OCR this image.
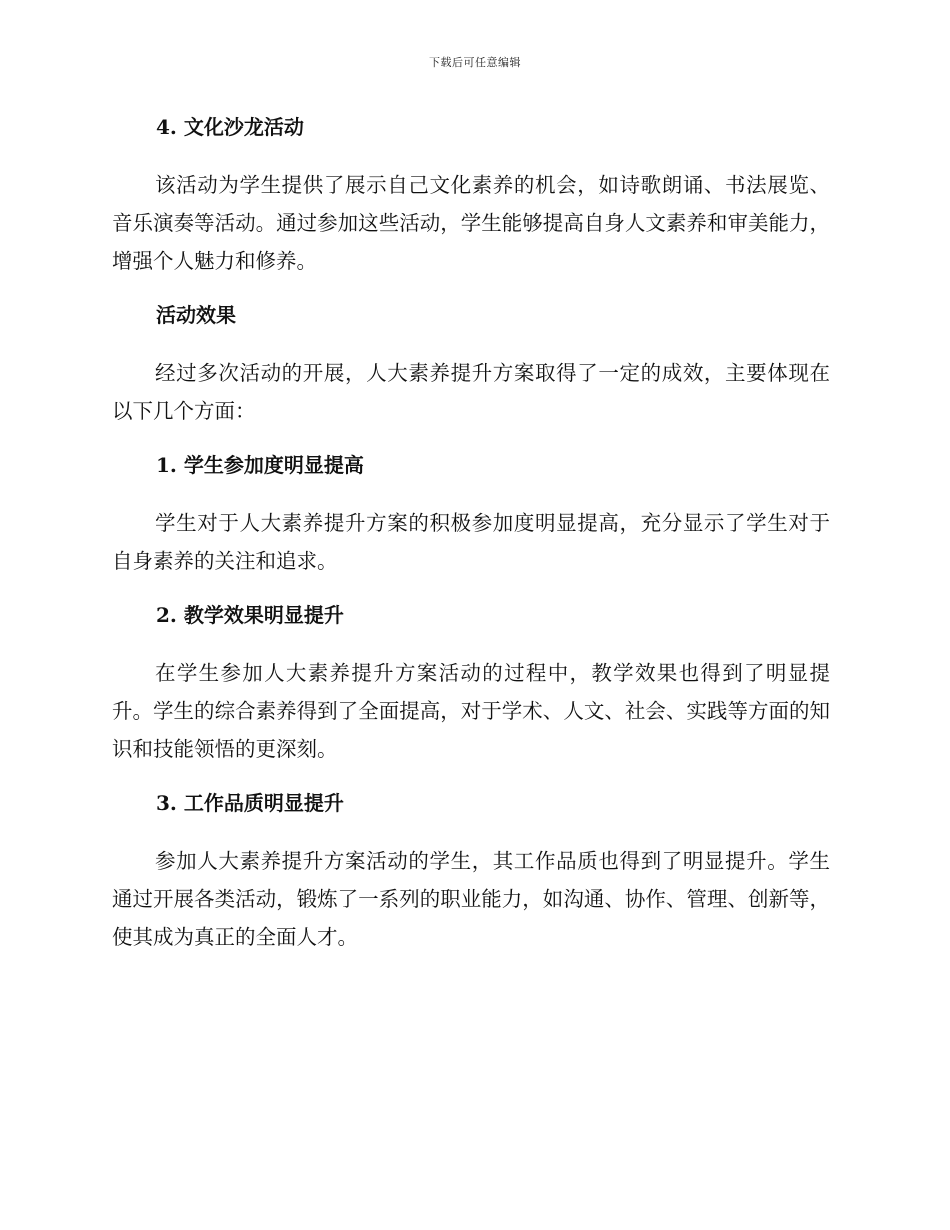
下载后可任意编辑
4. 文化沙龙活动

该活动为学生提供了展示自己文化素养的机会，如诗歌朗诵、书法展览、音乐演奏等活动。通过参加这些活动，学生能够提高自身人文素养和审美能力，增强个人魅力和修养。

活动效果

经过多次活动的开展，人大素养提升方案取得了一定的成效，主要体现在以下几个方面：

1. 学生参加度明显提高

学生对于人大素养提升方案的积极参加度明显提高，充分显示了学生对于自身素养的关注和追求。

2. 教学效果明显提升

在学生参加人大素养提升方案活动的过程中，教学效果也得到了明显提升。学生的综合素养得到了全面提高，对于学术、人文、社会、实践等方面的知识和技能领悟的更深刻。

3. 工作品质明显提升

参加人大素养提升方案活动的学生，其工作品质也得到了明显提升。学生通过开展各类活动，锻炼了一系列的职业能力，如沟通、协作、管理、创新等，使其成为真正的全面人才。
